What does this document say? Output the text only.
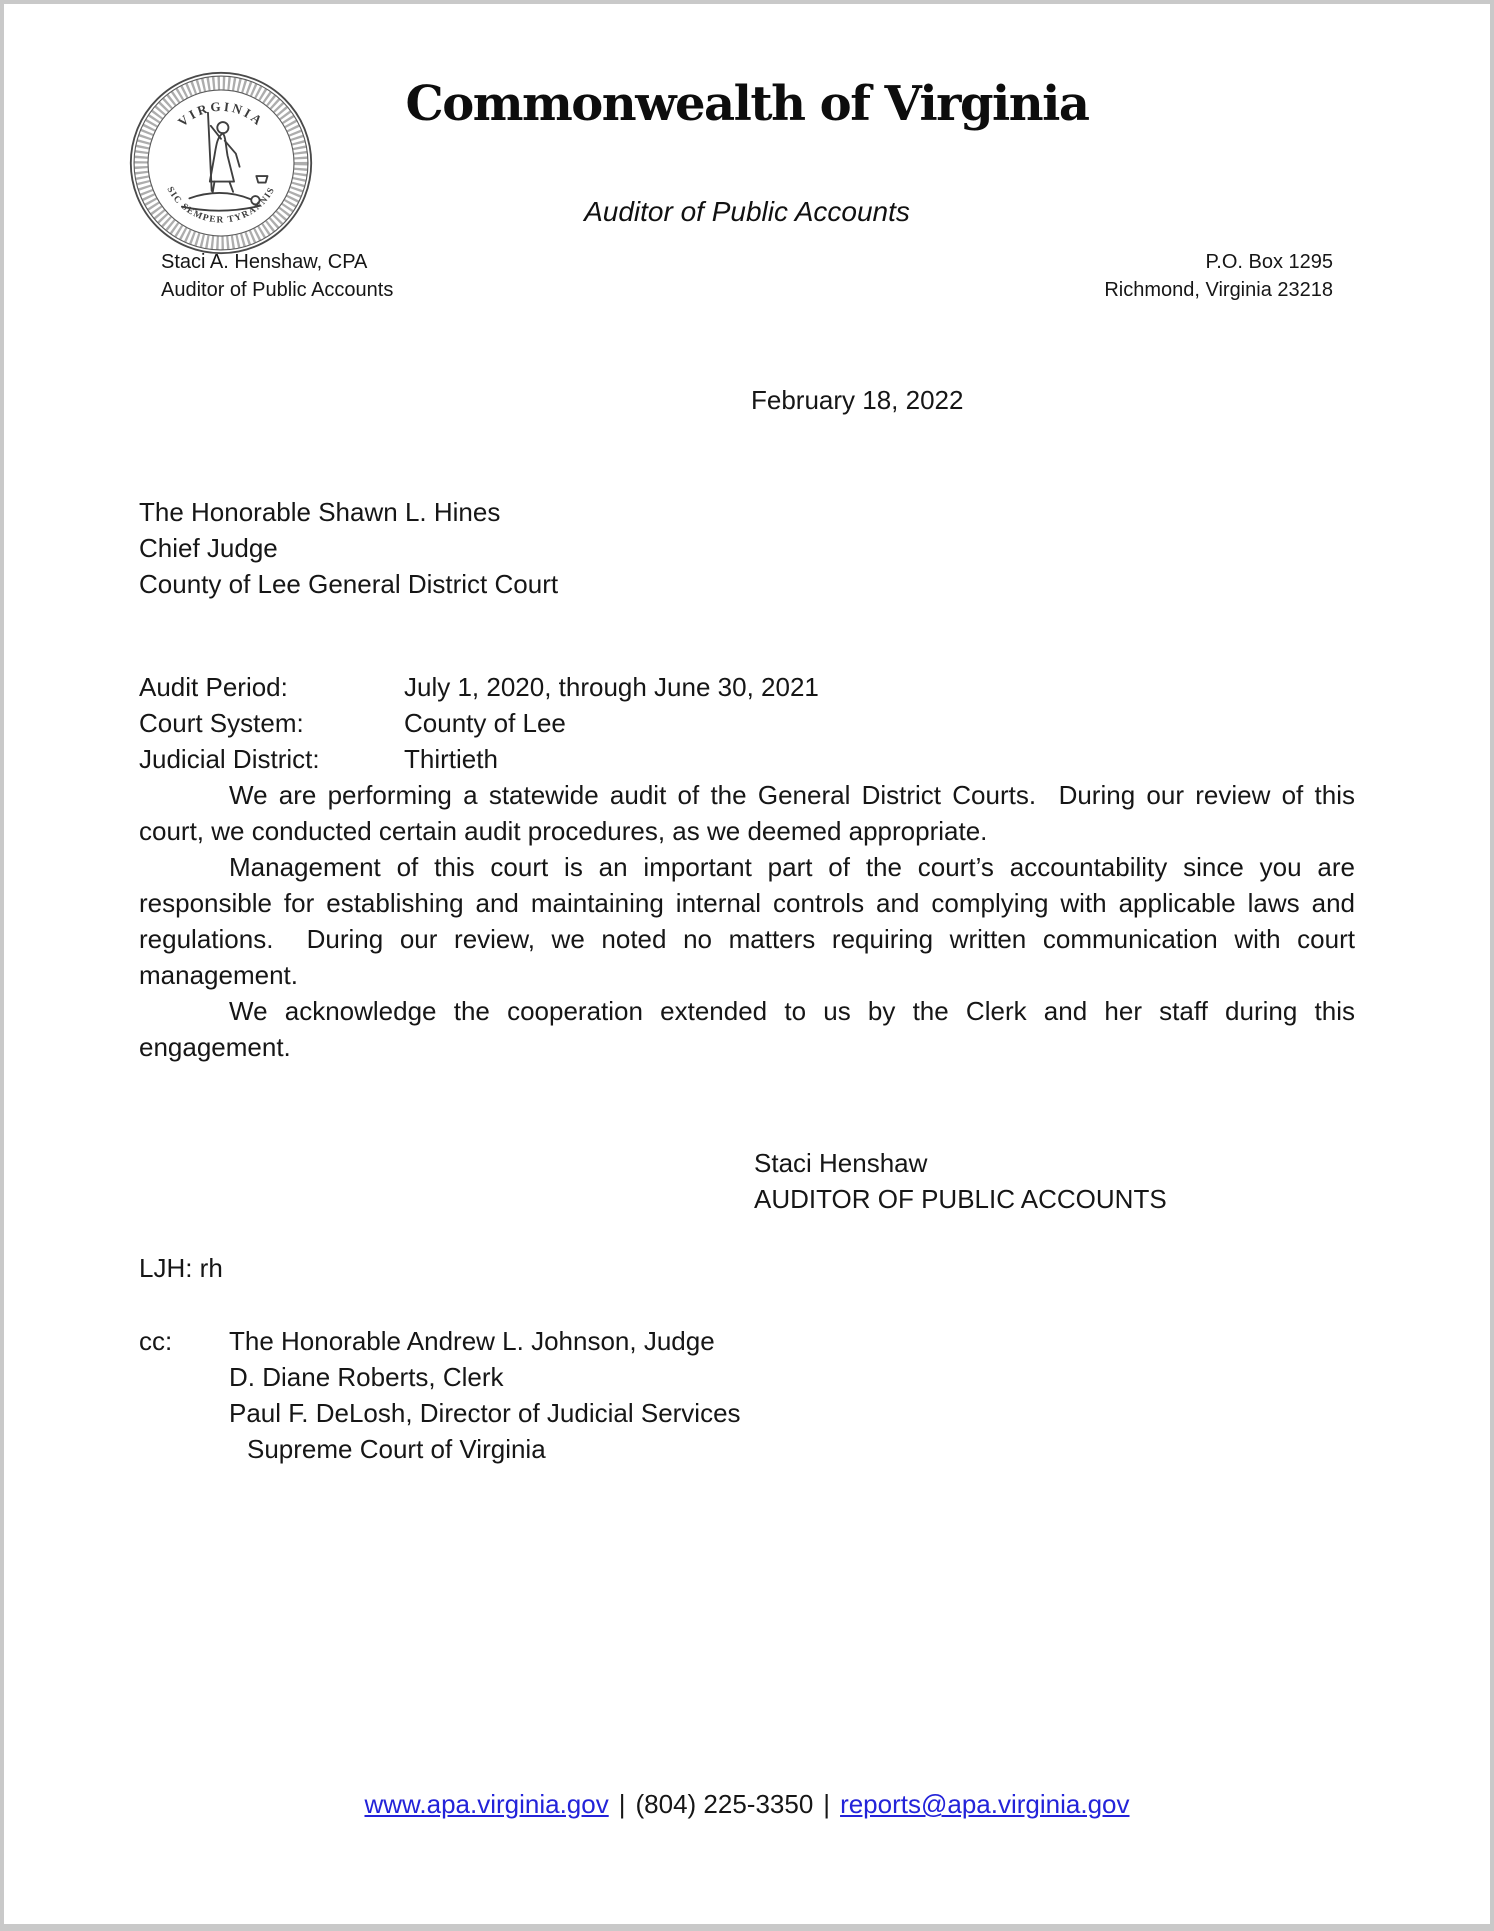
VIRGINIA
SIC SEMPER TYRANNIS
Commonwealth of Virginia
Auditor of Public Accounts
Staci A. Henshaw, CPA
Auditor of Public Accounts
P.O. Box 1295
Richmond, Virginia 23218
February 18, 2022
The Honorable Shawn L. Hines
Chief Judge
County of Lee General District Court
Audit Period:	July 1, 2020, through June 30, 2021
Court System:	County of Lee
Judicial District:	Thirtieth

We are performing a statewide audit of the General District Courts.  During our review of this court, we conducted certain audit procedures, as we deemed appropriate.

Management of this court is an important part of the court’s accountability since you are responsible for establishing and maintaining internal controls and complying with applicable laws and regulations.  During our review, we noted no matters requiring written communication with court management.

We acknowledge the cooperation extended to us by the Clerk and her staff during this engagement.

Staci Henshaw
AUDITOR OF PUBLIC ACCOUNTS
LJH: rh
cc:	The Honorable Andrew L. Johnson, Judge
D. Diane Roberts, Clerk
Paul F. DeLosh, Director of Judicial Services
Supreme Court of Virginia
www.apa.virginia.gov | (804) 225-3350 | reports@apa.virginia.gov
